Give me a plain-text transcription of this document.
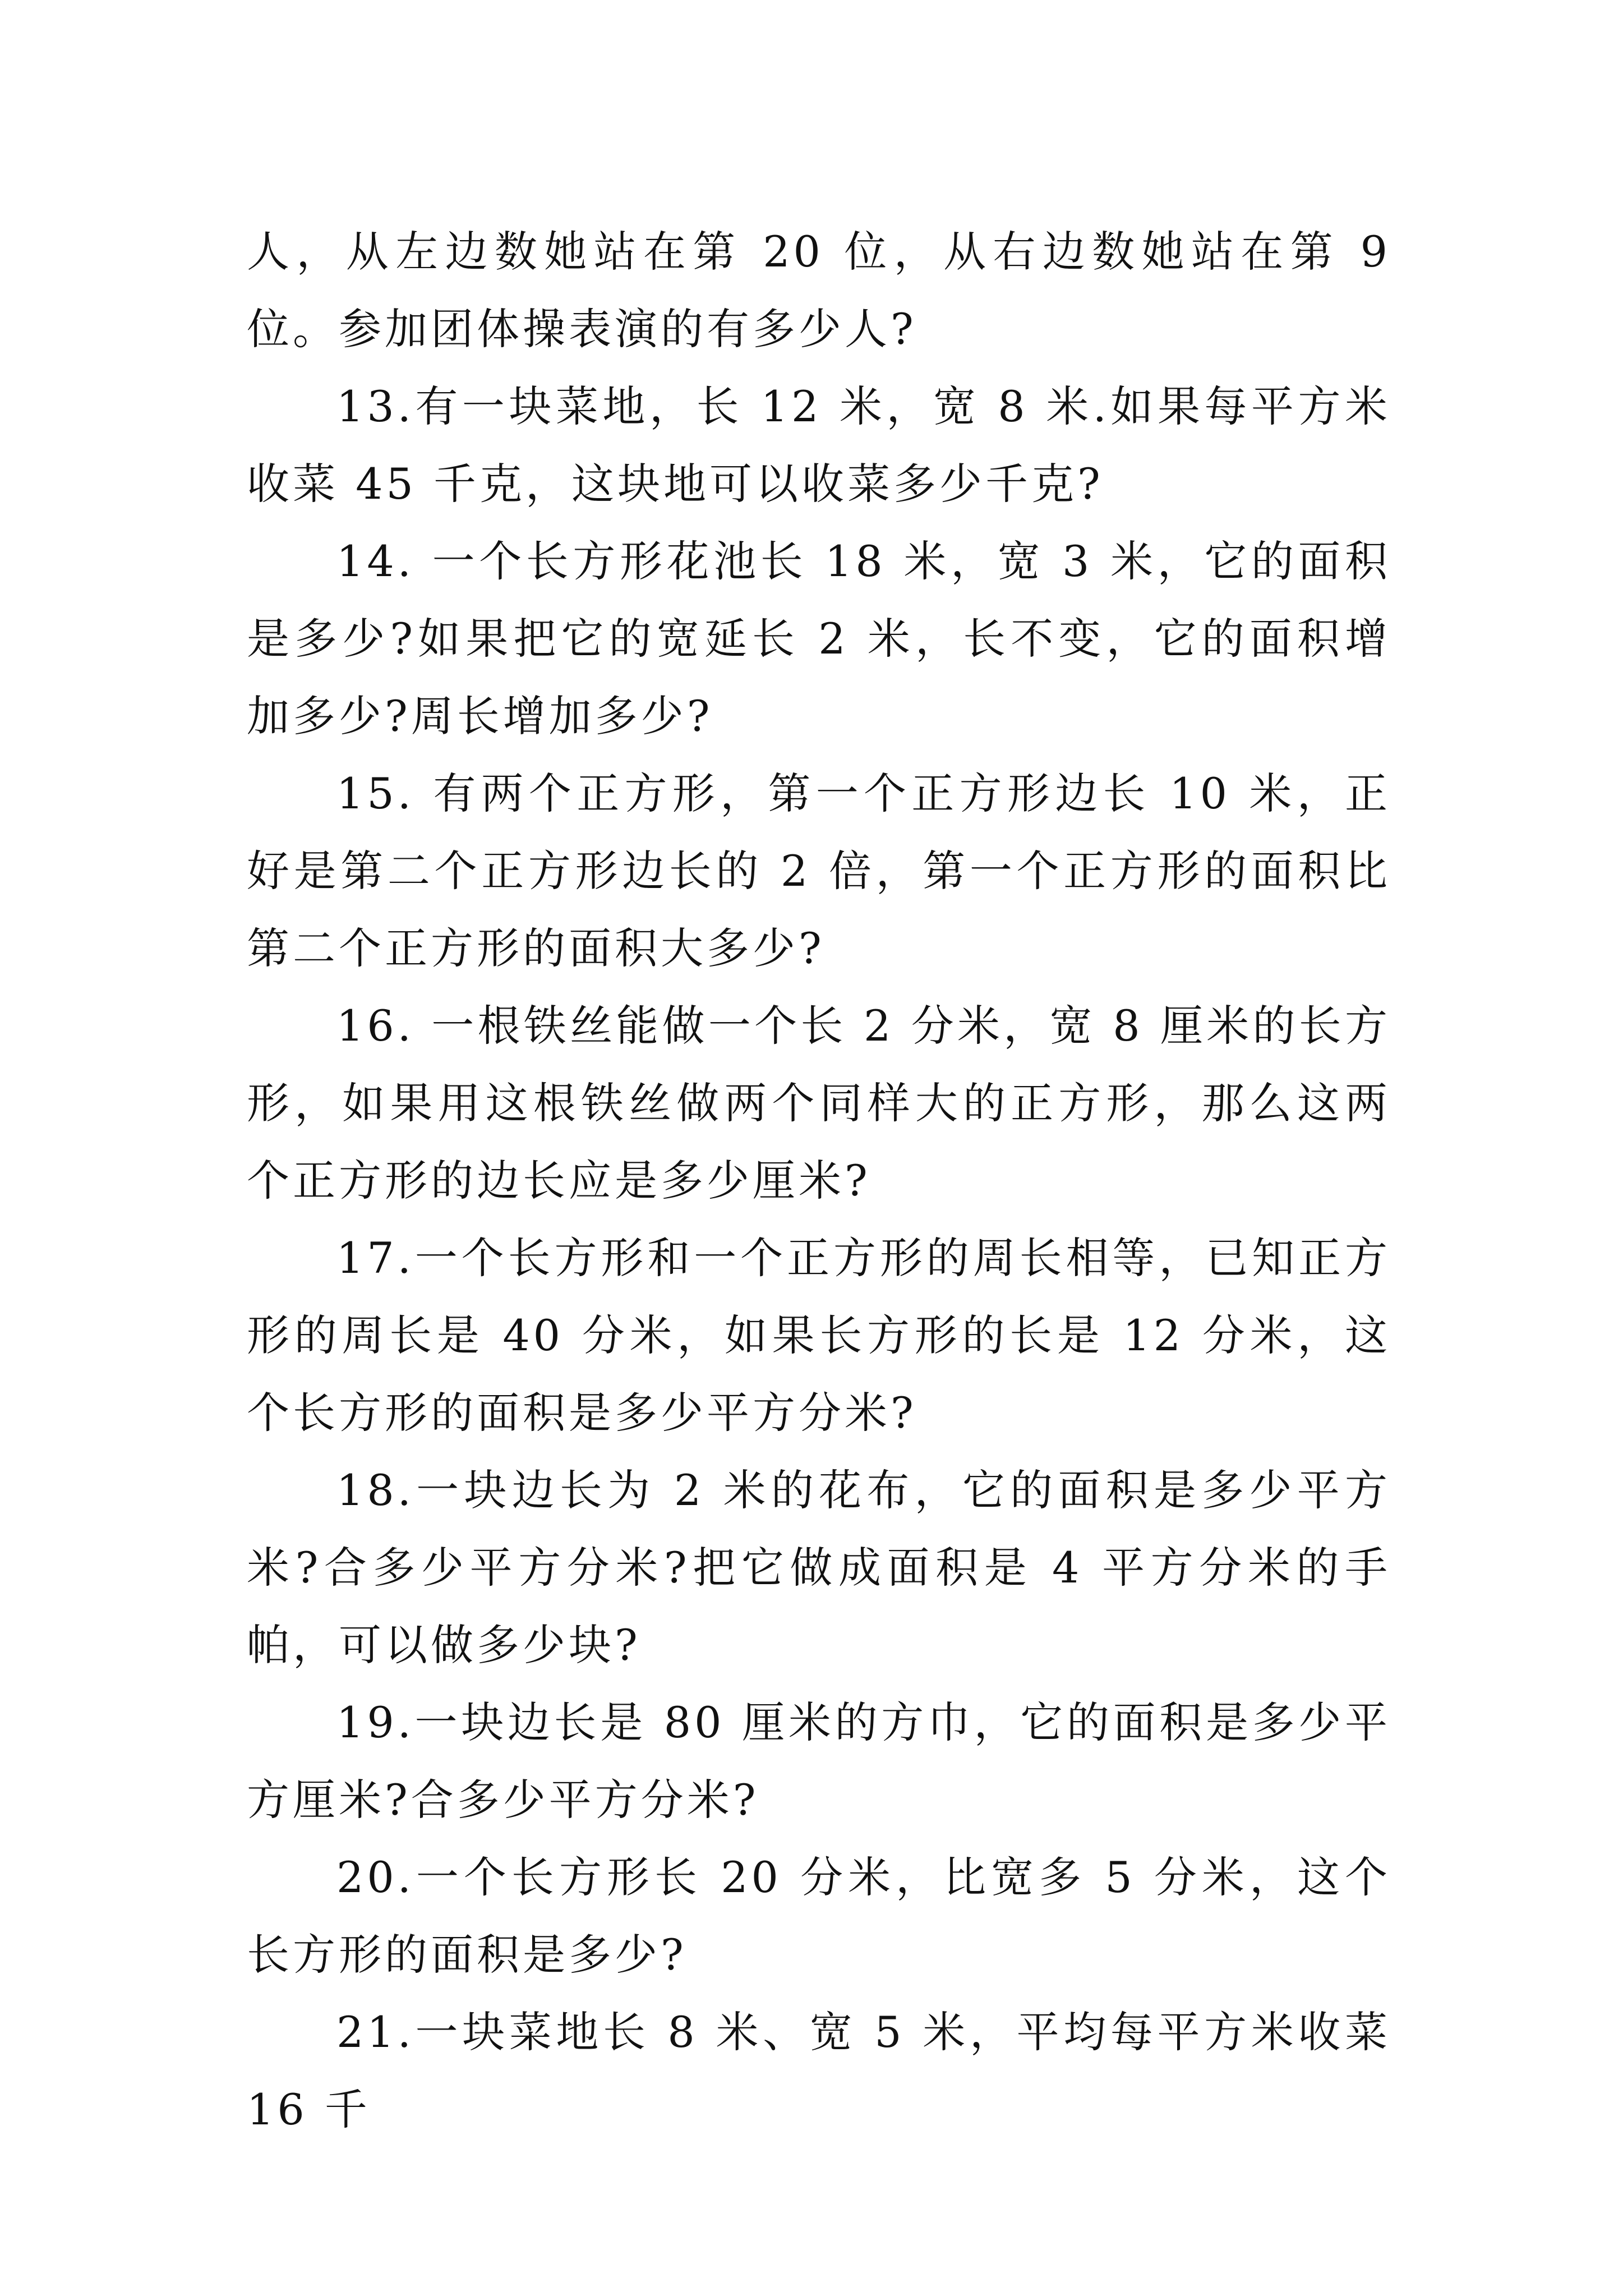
人，从左边数她站在第 20 位，从右边数她站在第 9 位。参加团体操表演的有多少人?

13.有一块菜地，长 12 米，宽 8 米.如果每平方米收菜 45 千克，这块地可以收菜多少千克?

14. 一个长方形花池长 18 米，宽 3 米，它的面积是多少?如果把它的宽延长 2 米，长不变，它的面积增加多少?周长增加多少?

15. 有两个正方形，第一个正方形边长 10 米，正好是第二个正方形边长的 2 倍，第一个正方形的面积比第二个正方形的面积大多少?

16. 一根铁丝能做一个长 2 分米，宽 8 厘米的长方形，如果用这根铁丝做两个同样大的正方形，那么这两个正方形的边长应是多少厘米?

17.一个长方形和一个正方形的周长相等，已知正方形的周长是 40 分米，如果长方形的长是 12 分米，这个长方形的面积是多少平方分米?

18.一块边长为 2 米的花布，它的面积是多少平方米?合多少平方分米?把它做成面积是 4 平方分米的手帕，可以做多少块?

19.一块边长是 80 厘米的方巾，它的面积是多少平方厘米?合多少平方分米?

20.一个长方形长 20 分米，比宽多 5 分米，这个长方形的面积是多少?

21.一块菜地长 8 米、宽 5 米，平均每平方米收菜 16 千
